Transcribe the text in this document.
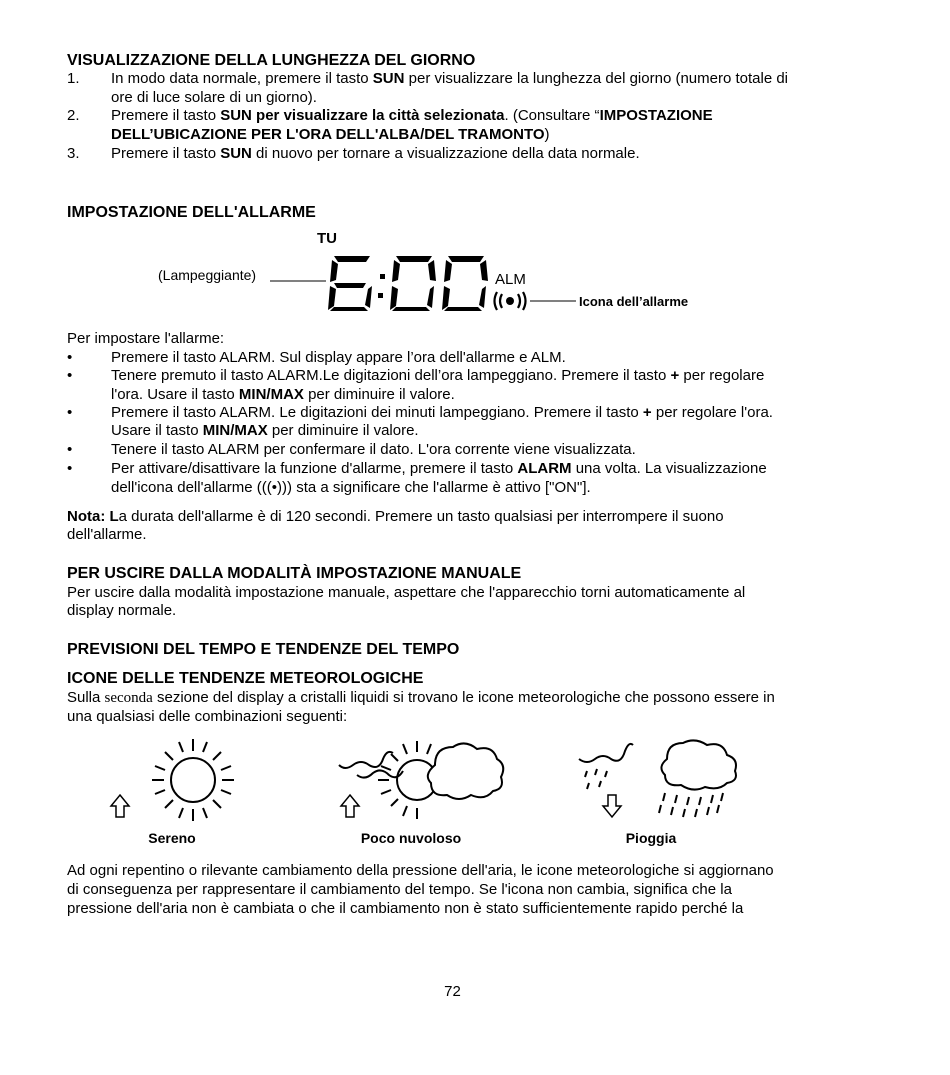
VISUALIZZAZIONE DELLA LUNGHEZZA DEL GIORNO
1. In modo data normale, premere il tasto SUN per visualizzare la lunghezza del giorno (numero totale di
ore di luce solare di un giorno).
2. Premere il tasto SUN per visualizzare la città selezionata. (Consultare “IMPOSTAZIONE
DELL’UBICAZIONE PER L'ORA DELL'ALBA/DEL TRAMONTO)
3. Premere il tasto SUN di nuovo per tornare a visualizzazione della data normale.
IMPOSTAZIONE DELL'ALLARME
TU
(Lampeggiante)	ALM
Icona dell’allarme
Per impostare l'allarme:
•	Premere il tasto ALARM. Sul display appare l’ora dell'allarme e ALM.
•	Tenere premuto il tasto ALARM.Le digitazioni dell’ora lampeggiano. Premere il tasto + per regolare
l'ora. Usare il tasto MIN/MAX per diminuire il valore.
•	Premere il tasto ALARM. Le digitazioni dei minuti lampeggiano. Premere il tasto + per regolare l'ora.
Usare il tasto MIN/MAX per diminuire il valore.
•	Tenere il tasto ALARM per confermare il dato. L'ora corrente viene visualizzata.
•	Per attivare/disattivare la funzione d'allarme, premere il tasto ALARM una volta. La visualizzazione
dell'icona dell'allarme (((•))) sta a significare che l'allarme è attivo ["ON"].
Nota: La durata dell'allarme è di 120 secondi. Premere un tasto qualsiasi per interrompere il suono
dell'allarme.
PER USCIRE DALLA MODALITÀ IMPOSTAZIONE MANUALE
Per uscire dalla modalità impostazione manuale, aspettare che l'apparecchio torni automaticamente al
display normale.
PREVISIONI DEL TEMPO E TENDENZE DEL TEMPO
ICONE DELLE TENDENZE METEOROLOGICHE
Sulla seconda sezione del display a cristalli liquidi si trovano le icone meteorologiche che possono essere in
una qualsiasi delle combinazioni seguenti:
Sereno	Poco nuvoloso	Pioggia
Ad ogni repentino o rilevante cambiamento della pressione dell'aria, le icone meteorologiche si aggiornano
di conseguenza per rappresentare il cambiamento del tempo. Se l'icona non cambia, significa che la
pressione dell'aria non è cambiata o che il cambiamento non è stato sufficientemente rapido perché la
72
